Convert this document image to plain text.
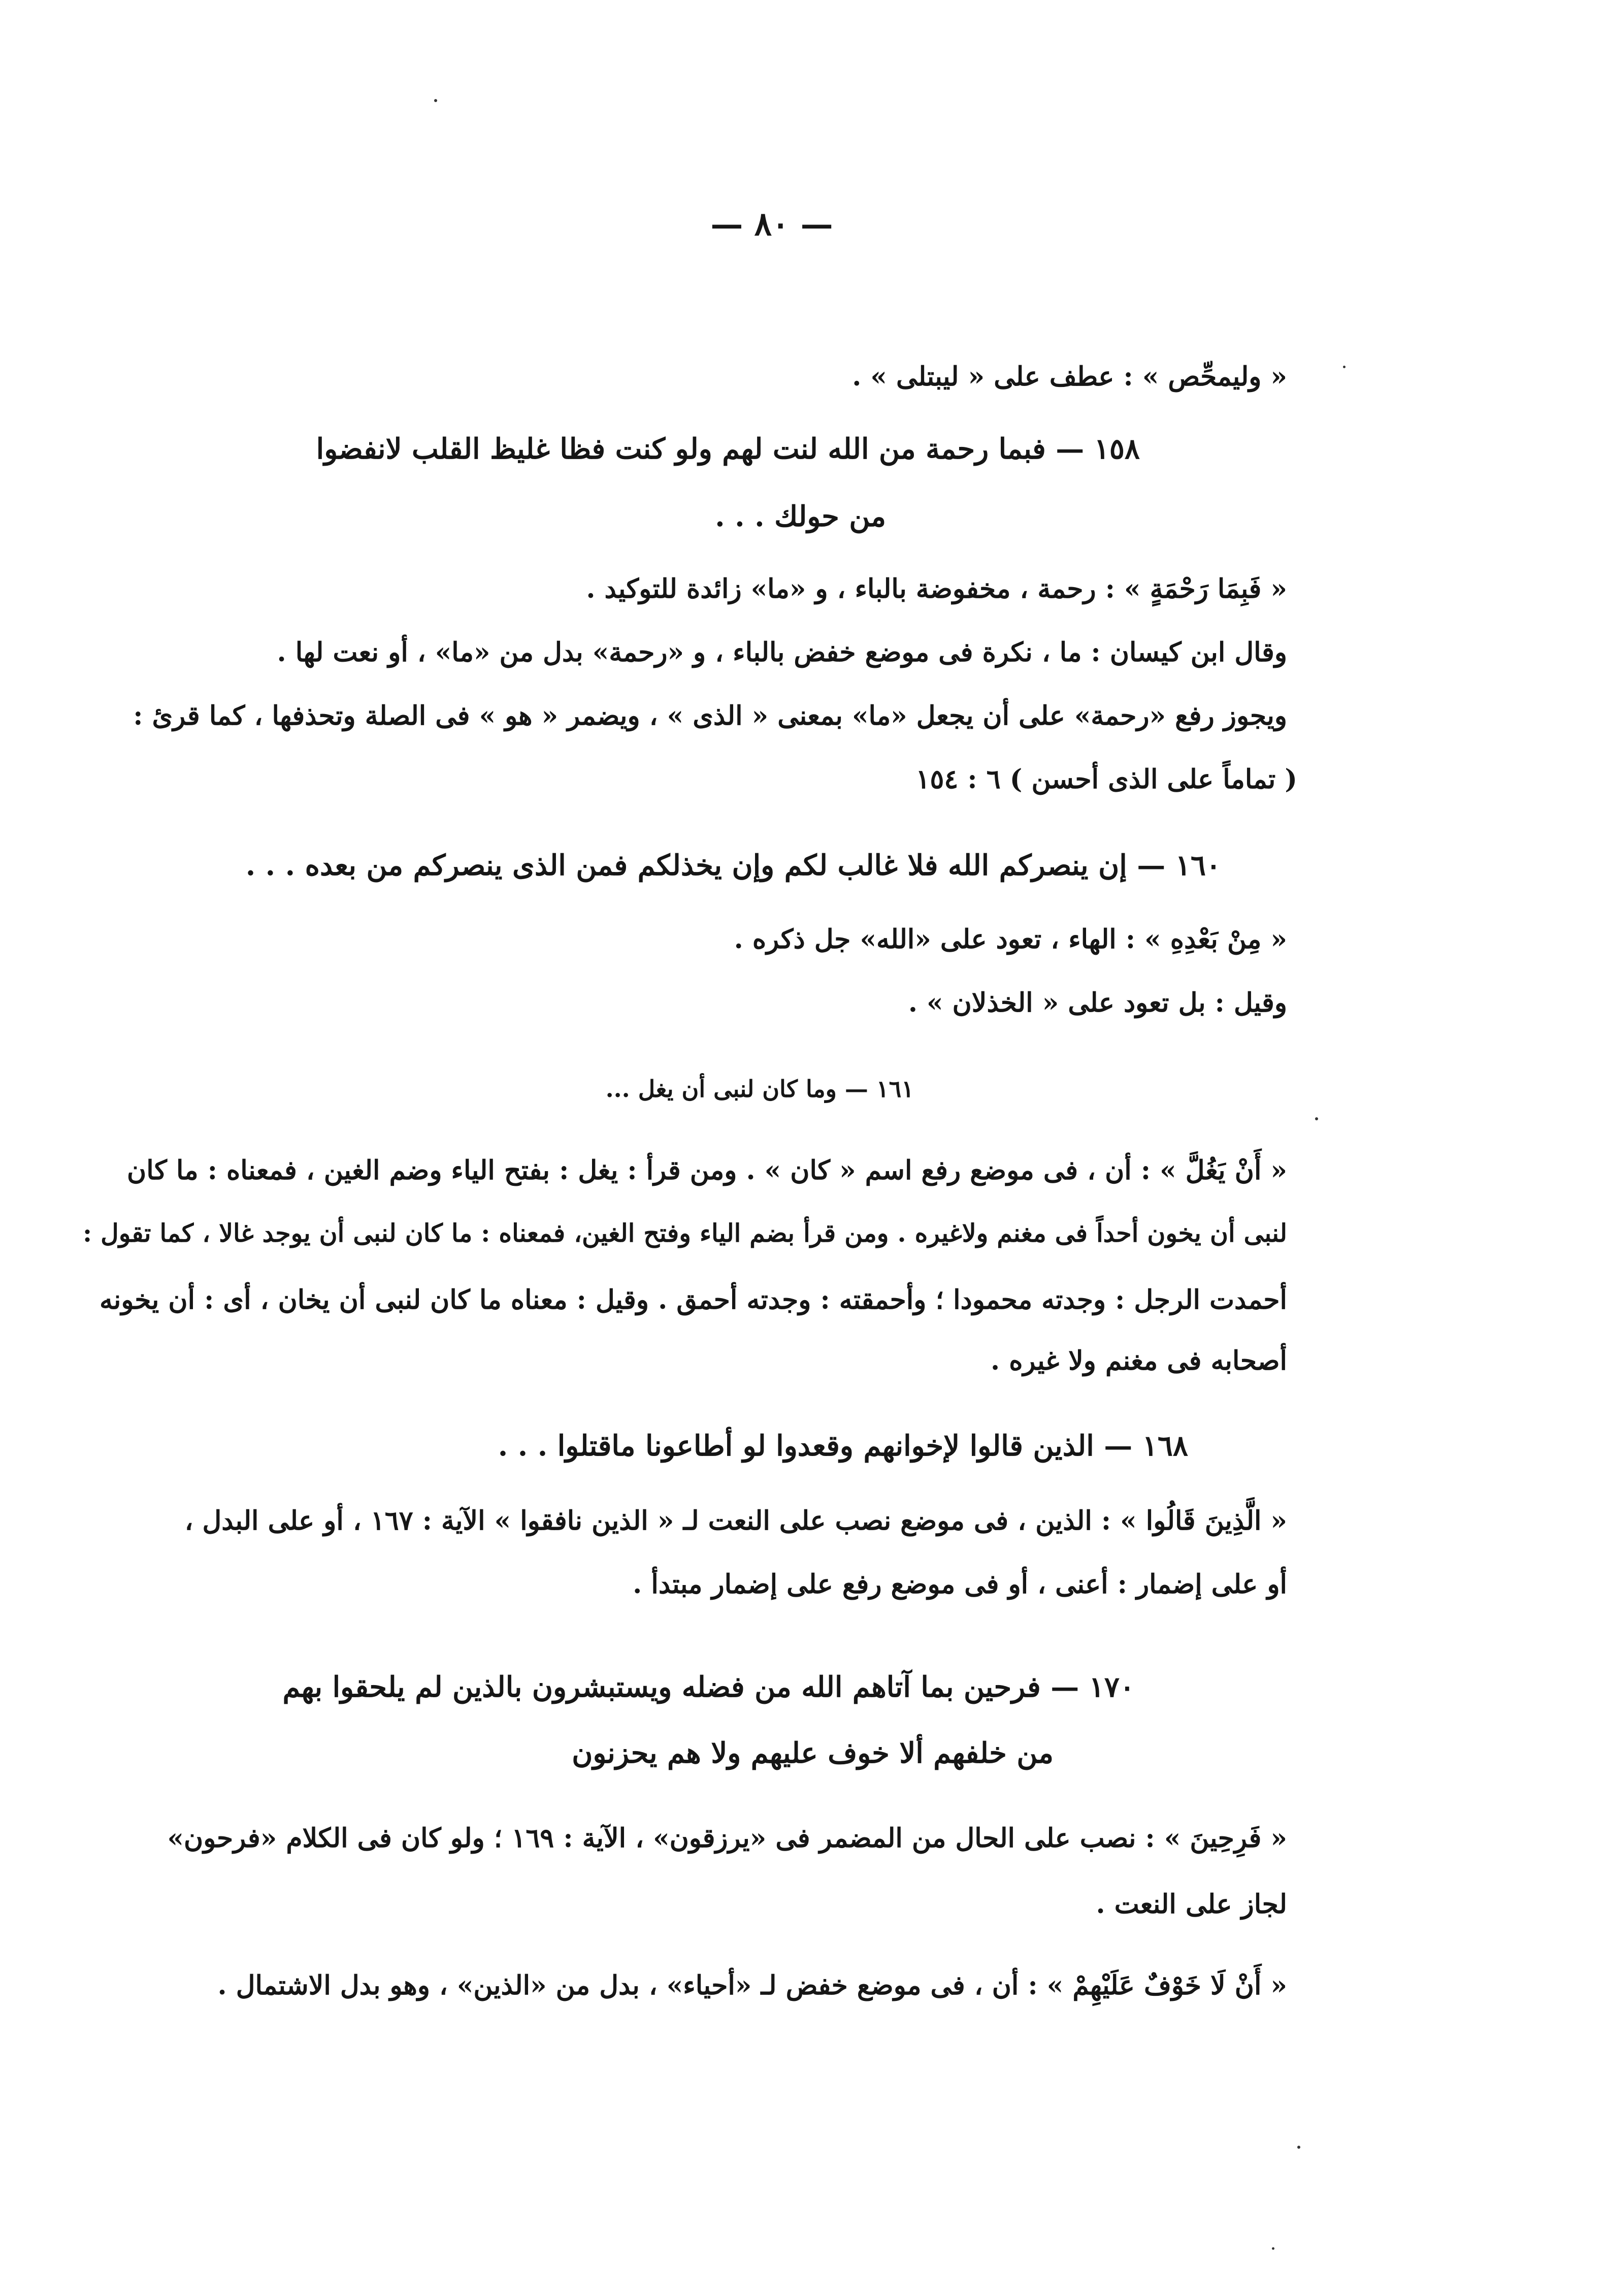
— ٨٠ —
« وليمحِّص » : عطف على « ليبتلى » .
١٥٨ — فبما رحمة من الله لنت لهم ولو كنت فظا غليظ القلب لانفضوا
من حولك . . .
« فَبِمَا رَحْمَةٍ » : رحمة ، مخفوضة بالباء ، و «ما» زائدة للتوكيد .
وقال ابن كيسان : ما ، نكرة فى موضع خفض بالباء ، و «رحمة» بدل من «ما» ، أو نعت لها .
ويجوز رفع «رحمة» على أن يجعل «ما» بمعنى « الذى » ، ويضمر « هو » فى الصلة وتحذفها ، كما قرئ :
( تماماً على الذى أحسن ) ٦ : ١٥٤
١٦٠ — إن ينصركم الله فلا غالب لكم وإن يخذلكم فمن الذى ينصركم من بعده . . .
« مِنْ بَعْدِهِ » : الهاء ، تعود على «الله» جل ذكره .
وقيل : بل تعود على « الخذلان » .
١٦١ — وما كان لنبى أن يغل ...
« أَنْ يَغُلَّ » : أن ، فى موضع رفع اسم « كان » . ومن قرأ : يغل : بفتح الياء وضم الغين ، فمعناه : ما كان
لنبى أن يخون أحداً فى مغنم ولاغيره . ومن قرأ بضم الياء وفتح الغين، فمعناه : ما كان لنبى أن يوجد غالا ، كما تقول :
أحمدت الرجل : وجدته محمودا ؛ وأحمقته : وجدته أحمق . وقيل : معناه ما كان لنبى أن يخان ، أى : أن يخونه
أصحابه فى مغنم ولا غيره .
١٦٨ — الذين قالوا لإخوانهم وقعدوا لو أطاعونا ماقتلوا . . .
« الَّذِينَ قَالُوا » : الذين ، فى موضع نصب على النعت لـ « الذين نافقوا » الآية : ١٦٧ ، أو على البدل ،
أو على إضمار : أعنى ، أو فى موضع رفع على إضمار مبتدأ .
١٧٠ — فرحين بما آتاهم الله من فضله ويستبشرون بالذين لم يلحقوا بهم
من خلفهم ألا خوف عليهم ولا هم يحزنون
« فَرِحِينَ » : نصب على الحال من المضمر فى «يرزقون» ، الآية : ١٦٩ ؛ ولو كان فى الكلام «فرحون»
لجاز على النعت .
« أَنْ لَا خَوْفٌ عَلَيْهِمْ » : أن ، فى موضع خفض لـ «أحياء» ، بدل من «الذين» ، وهو بدل الاشتمال .
